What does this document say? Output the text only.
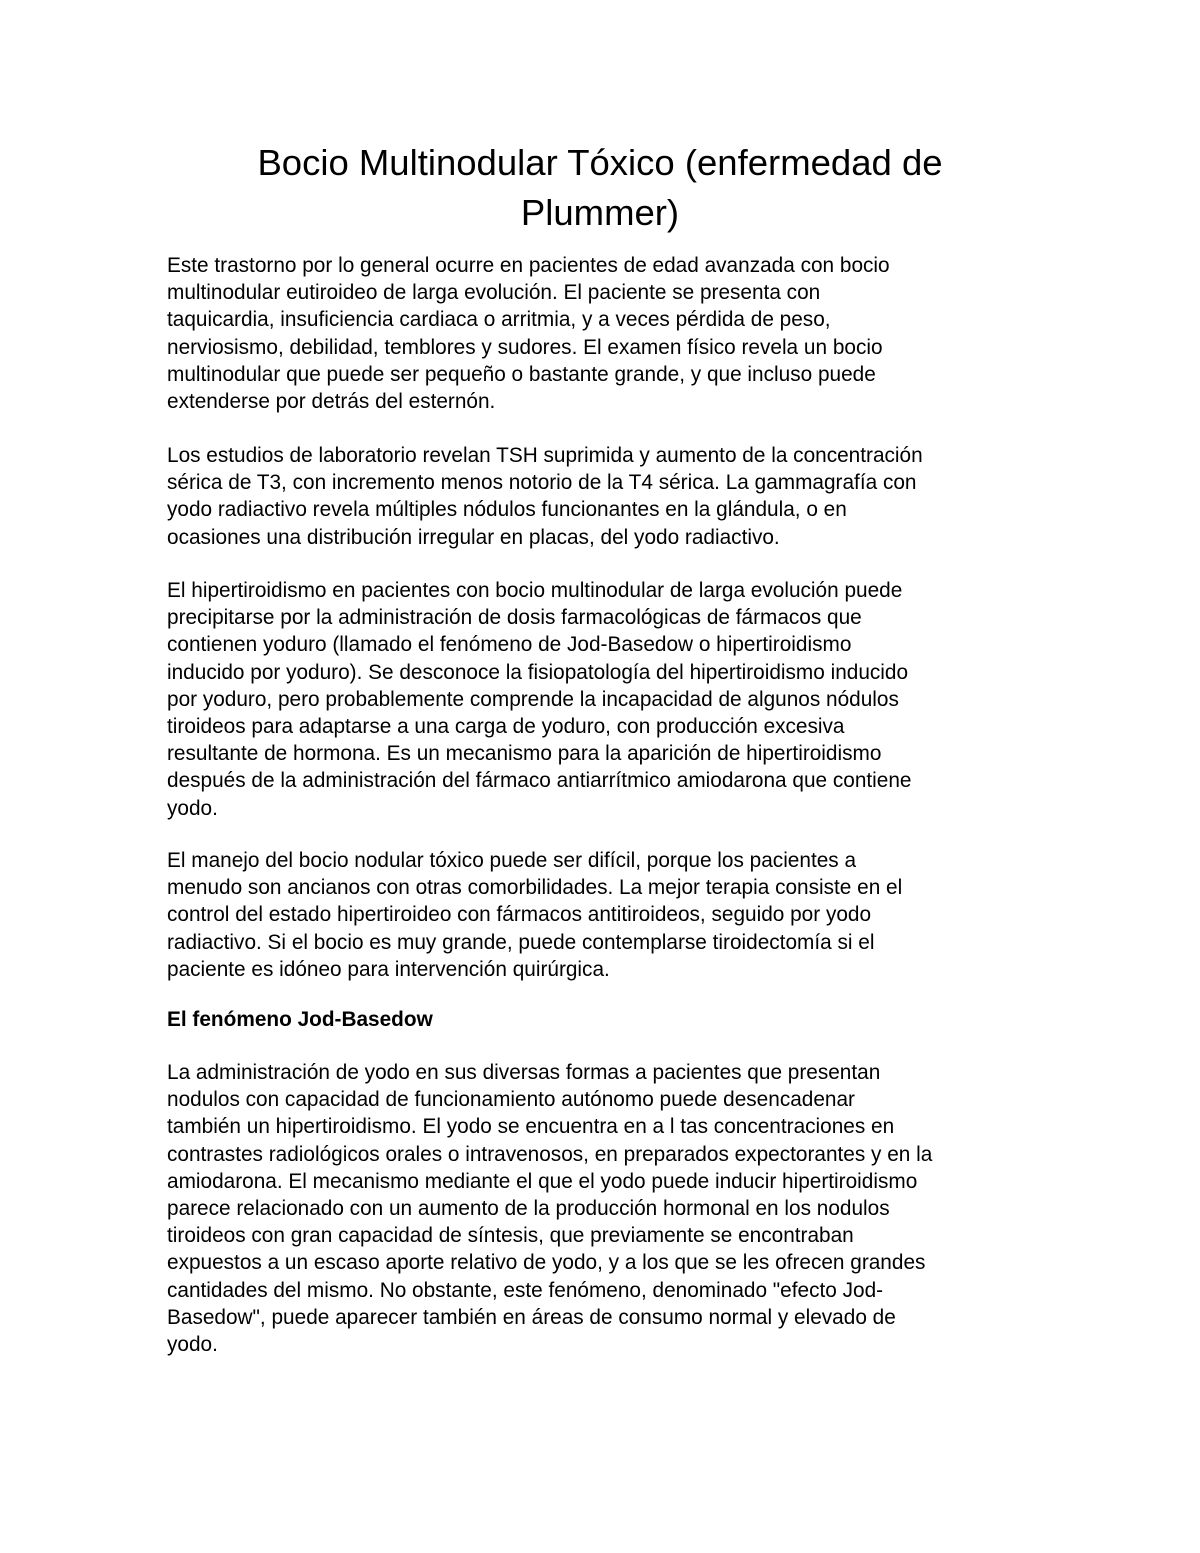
Bocio Multinodular Tóxico (enfermedad de
Plummer)

Este trastorno por lo general ocurre en pacientes de edad avanzada con bocio
multinodular eutiroideo de larga evolución. El paciente se presenta con
taquicardia, insuficiencia cardiaca o arritmia, y a veces pérdida de peso,
nerviosismo, debilidad, temblores y sudores. El examen físico revela un bocio
multinodular que puede ser pequeño o bastante grande, y que incluso puede
extenderse por detrás del esternón.

Los estudios de laboratorio revelan TSH suprimida y aumento de la concentración
sérica de T3, con incremento menos notorio de la T4 sérica. La gammagrafía con
yodo radiactivo revela múltiples nódulos funcionantes en la glándula, o en
ocasiones una distribución irregular en placas, del yodo radiactivo.

El hipertiroidismo en pacientes con bocio multinodular de larga evolución puede
precipitarse por la administración de dosis farmacológicas de fármacos que
contienen yoduro (llamado el fenómeno de Jod-Basedow o hipertiroidismo
inducido por yoduro). Se desconoce la fisiopatología del hipertiroidismo inducido
por yoduro, pero probablemente comprende la incapacidad de algunos nódulos
tiroideos para adaptarse a una carga de yoduro, con producción excesiva
resultante de hormona. Es un mecanismo para la aparición de hipertiroidismo
después de la administración del fármaco antiarrítmico amiodarona que contiene
yodo.

El manejo del bocio nodular tóxico puede ser difícil, porque los pacientes a
menudo son ancianos con otras comorbilidades. La mejor terapia consiste en el
control del estado hipertiroideo con fármacos antitiroideos, seguido por yodo
radiactivo. Si el bocio es muy grande, puede contemplarse tiroidectomía si el
paciente es idóneo para intervención quirúrgica.

El fenómeno Jod-Basedow

La administración de yodo en sus diversas formas a pacientes que presentan
nodulos con capacidad de funcionamiento autónomo puede desencadenar
también un hipertiroidismo. El yodo se encuentra en a l tas concentraciones en
contrastes radiológicos orales o intravenosos, en preparados expectorantes y en la
amiodarona. El mecanismo mediante el que el yodo puede inducir hipertiroidismo
parece relacionado con un aumento de la producción hormonal en los nodulos
tiroideos con gran capacidad de síntesis, que previamente se encontraban
expuestos a un escaso aporte relativo de yodo, y a los que se les ofrecen grandes
cantidades del mismo. No obstante, este fenómeno, denominado "efecto Jod-
Basedow", puede aparecer también en áreas de consumo normal y elevado de
yodo.
